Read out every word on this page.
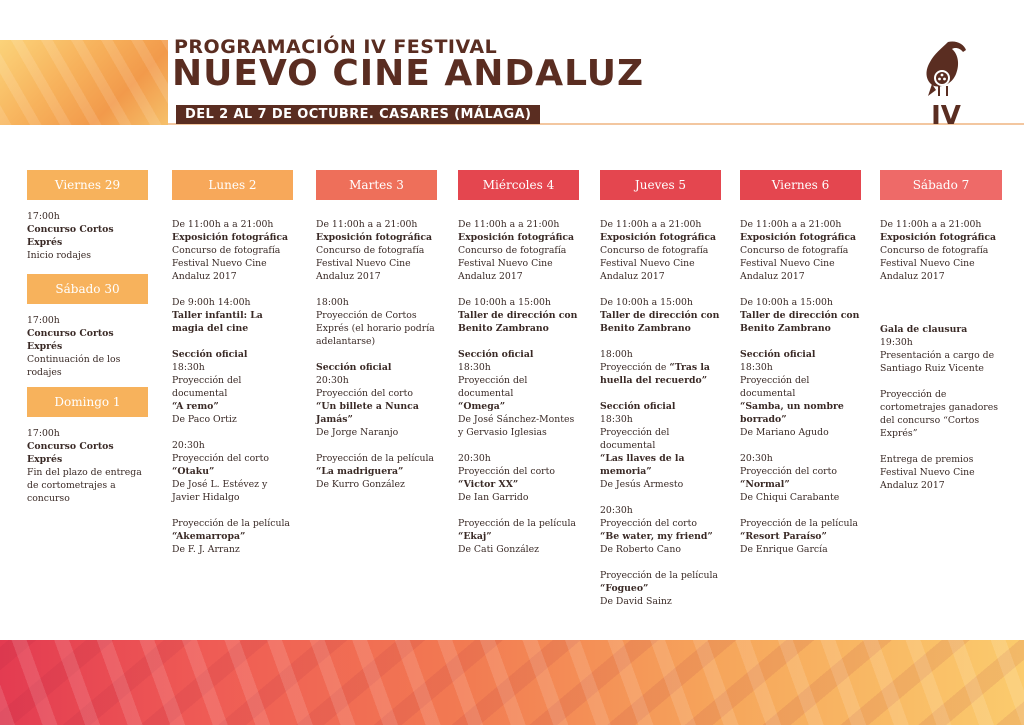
PROGRAMACIÓN IV FESTIVAL
NUEVO CINE ANDALUZ
DEL 2 AL 7 DE OCTUBRE. CASARES (MÁLAGA)	IV
Viernes 29
17:00h
Concurso Cortos Exprés
Inicio rodajes
Sábado 30
17:00h
Concurso Cortos Exprés
Continuación de los rodajes
Domingo 1
17:00h
Concurso Cortos Exprés
Fin del plazo de entrega de cortometrajes a concurso
Lunes 2
De 11:00h a a 21:00h
Exposición fotográfica
Concurso de fotografía Festival Nuevo Cine Andaluz 2017
De 9:00h 14:00h
Taller infantil: La magia del cine
Sección oficial
18:30h
Proyección del documental
“A remo”
De Paco Ortiz
20:30h
Proyección del corto
“Otaku”
De José L. Estévez y Javier Hidalgo
Proyección de la película
“Akemarropa”
De F. J. Arranz
Martes 3
De 11:00h a a 21:00h
Exposición fotográfica
Concurso de fotografía Festival Nuevo Cine Andaluz 2017
18:00h
Proyección de Cortos Exprés (el horario podría adelantarse)
Sección oficial
20:30h
Proyección del corto
“Un billete a Nunca Jamás”
De Jorge Naranjo
Proyección de la película
“La madriguera”
De Kurro González
Miércoles 4
De 11:00h a a 21:00h
Exposición fotográfica
Concurso de fotografía Festival Nuevo Cine Andaluz 2017
De 10:00h a 15:00h
Taller de dirección con Benito Zambrano
Sección oficial
18:30h
Proyección del documental
“Omega”
De José Sánchez-Montes y Gervasio Iglesias
20:30h
Proyección del corto
“Victor XX”
De Ian Garrido
Proyección de la película
“Ekaj”
De Cati González
Jueves 5
De 11:00h a a 21:00h
Exposición fotográfica
Concurso de fotografía Festival Nuevo Cine Andaluz 2017
De 10:00h a 15:00h
Taller de dirección con Benito Zambrano
18:00h
Proyección de “Tras la huella del recuerdo”
Sección oficial
18:30h
Proyección del documental
“Las llaves de la memoria”
De Jesús Armesto
20:30h
Proyección del corto
“Be water, my friend”
De Roberto Cano
Proyección de la película
“Fogueo”
De David Sainz
Viernes 6
De 11:00h a a 21:00h
Exposición fotográfica
Concurso de fotografía Festival Nuevo Cine Andaluz 2017
De 10:00h a 15:00h
Taller de dirección con Benito Zambrano
Sección oficial
18:30h
Proyección del documental
“Samba, un nombre borrado”
De Mariano Agudo
20:30h
Proyección del corto
“Normal”
De Chiqui Carabante
Proyección de la película
“Resort Paraíso”
De Enrique García
Sábado 7
De 11:00h a a 21:00h
Exposición fotográfica
Concurso de fotografía Festival Nuevo Cine Andaluz 2017
Gala de clausura
19:30h
Presentación a cargo de Santiago Ruiz Vicente
Proyección de cortometrajes ganadores del concurso “Cortos Exprés”
Entrega de premios Festival Nuevo Cine Andaluz 2017
